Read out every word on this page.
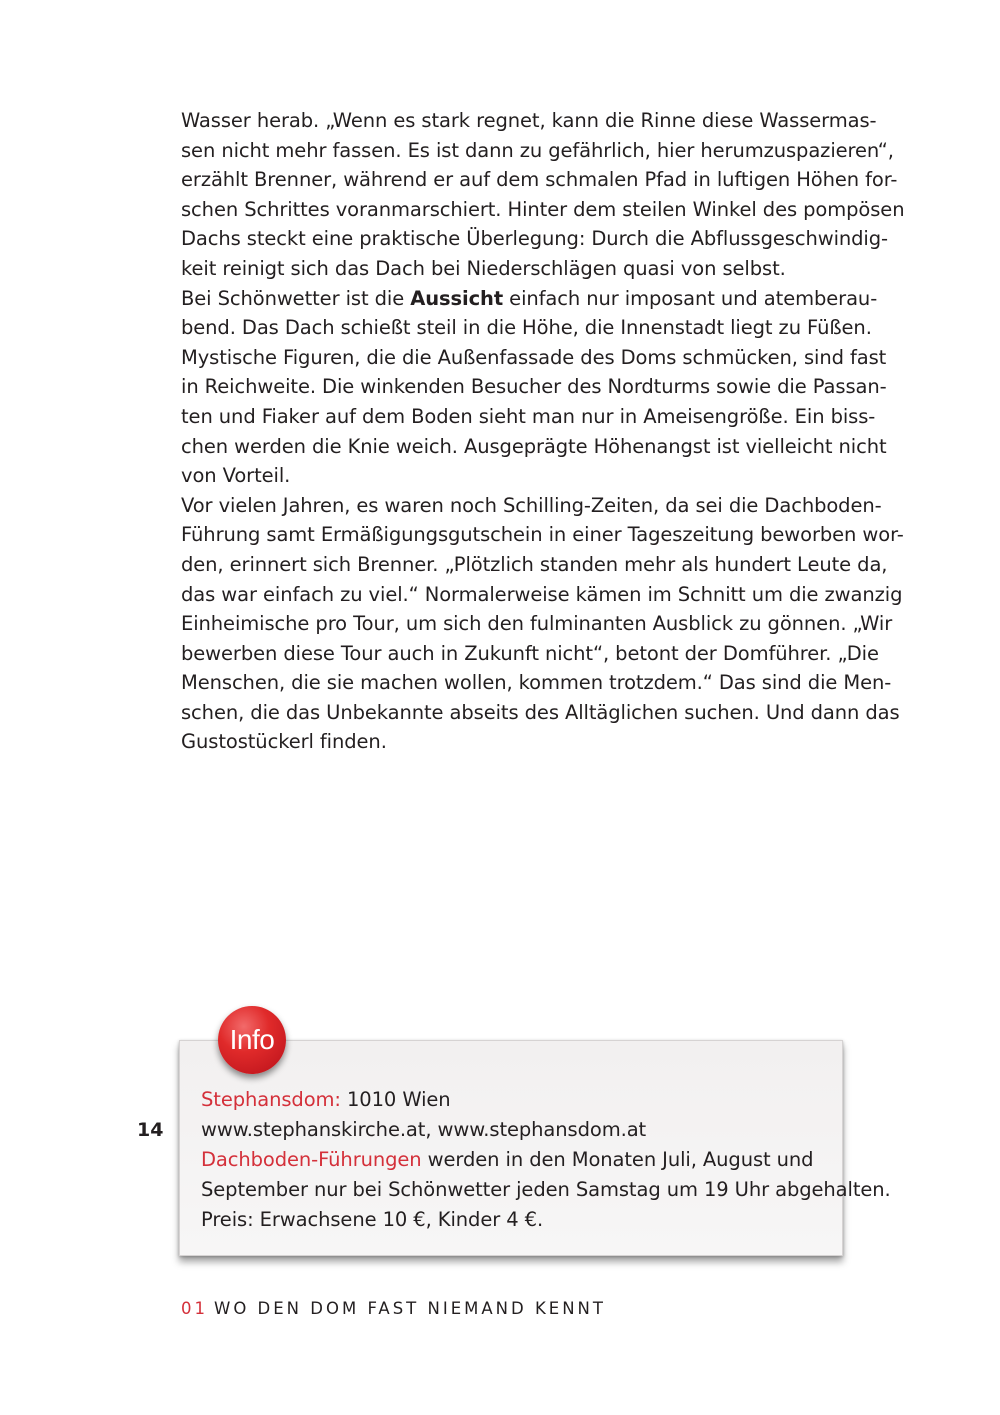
Wasser herab. „Wenn es stark regnet, kann die Rinne diese Wassermas-
sen nicht mehr fassen. Es ist dann zu gefährlich, hier herumzuspazieren“,
erzählt Brenner, während er auf dem schmalen Pfad in luftigen Höhen for-
schen Schrittes voranmarschiert. Hinter dem steilen Winkel des pompösen
Dachs steckt eine praktische Überlegung: Durch die Abflussgeschwindig-
keit reinigt sich das Dach bei Niederschlägen quasi von selbst.
Bei Schönwetter ist die Aussicht einfach nur imposant und atemberau-
bend. Das Dach schießt steil in die Höhe, die Innenstadt liegt zu Füßen.
Mystische Figuren, die die Außenfassade des Doms schmücken, sind fast
in Reichweite. Die winkenden Besucher des Nordturms sowie die Passan-
ten und Fiaker auf dem Boden sieht man nur in Ameisengröße. Ein biss-
chen werden die Knie weich. Ausgeprägte Höhenangst ist vielleicht nicht
von Vorteil.
Vor vielen Jahren, es waren noch Schilling-Zeiten, da sei die Dachboden-
Führung samt Ermäßigungsgutschein in einer Tageszeitung beworben wor-
den, erinnert sich Brenner. „Plötzlich standen mehr als hundert Leute da,
das war einfach zu viel.“ Normalerweise kämen im Schnitt um die zwanzig
Einheimische pro Tour, um sich den fulminanten Ausblick zu gönnen. „Wir
bewerben diese Tour auch in Zukunft nicht“, betont der Domführer. „Die
Menschen, die sie machen wollen, kommen trotzdem.“ Das sind die Men-
schen, die das Unbekannte abseits des Alltäglichen suchen. Und dann das
Gustostückerl finden.
Info
Stephansdom: 1010 Wien
www.stephanskirche.at, www.stephansdom.at
Dachboden-Führungen werden in den Monaten Juli, August und
September nur bei Schönwetter jeden Samstag um 19 Uhr abgehalten.
Preis: Erwachsene 10 €, Kinder 4 €.
14
01 WO DEN DOM FAST NIEMAND KENNT
